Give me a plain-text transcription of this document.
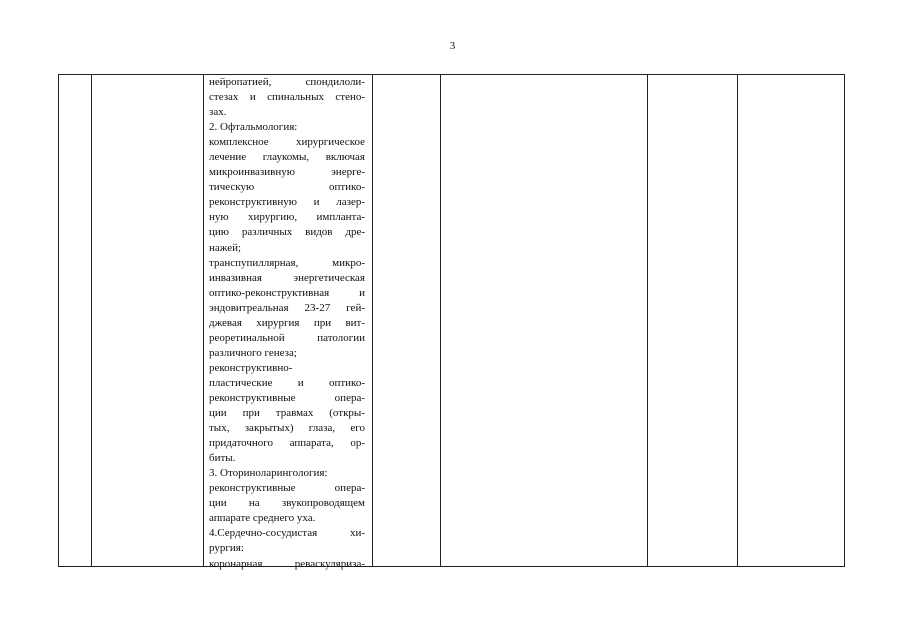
3
нейропатией, спондилоли-
стезах и спинальных стено-
зах.
2. Офтальмология:
комплексное хирургическое
лечение глаукомы, включая
микроинвазивную энерге-
тическую оптико-
реконструктивную и лазер-
ную хирургию, импланта-
цию различных видов дре-
нажей;
транспупиллярная, микро-
инвазивная энергетическая
оптико-реконструктивная и
эндовитреальная 23-27 гей-
джевая хирургия при вит-
реоретинальной патологии
различного генеза;
реконструктивно-
пластические и оптико-
реконструктивные опера-
ции при травмах (откры-
тых, закрытых) глаза, его
придаточного аппарата, ор-
биты.
3. Оториноларингология:
реконструктивные опера-
ции на звукопроводящем
аппарате среднего уха.
4.Сердечно-сосудистая хи-
рургия:
коронарная реваскуляриза-
